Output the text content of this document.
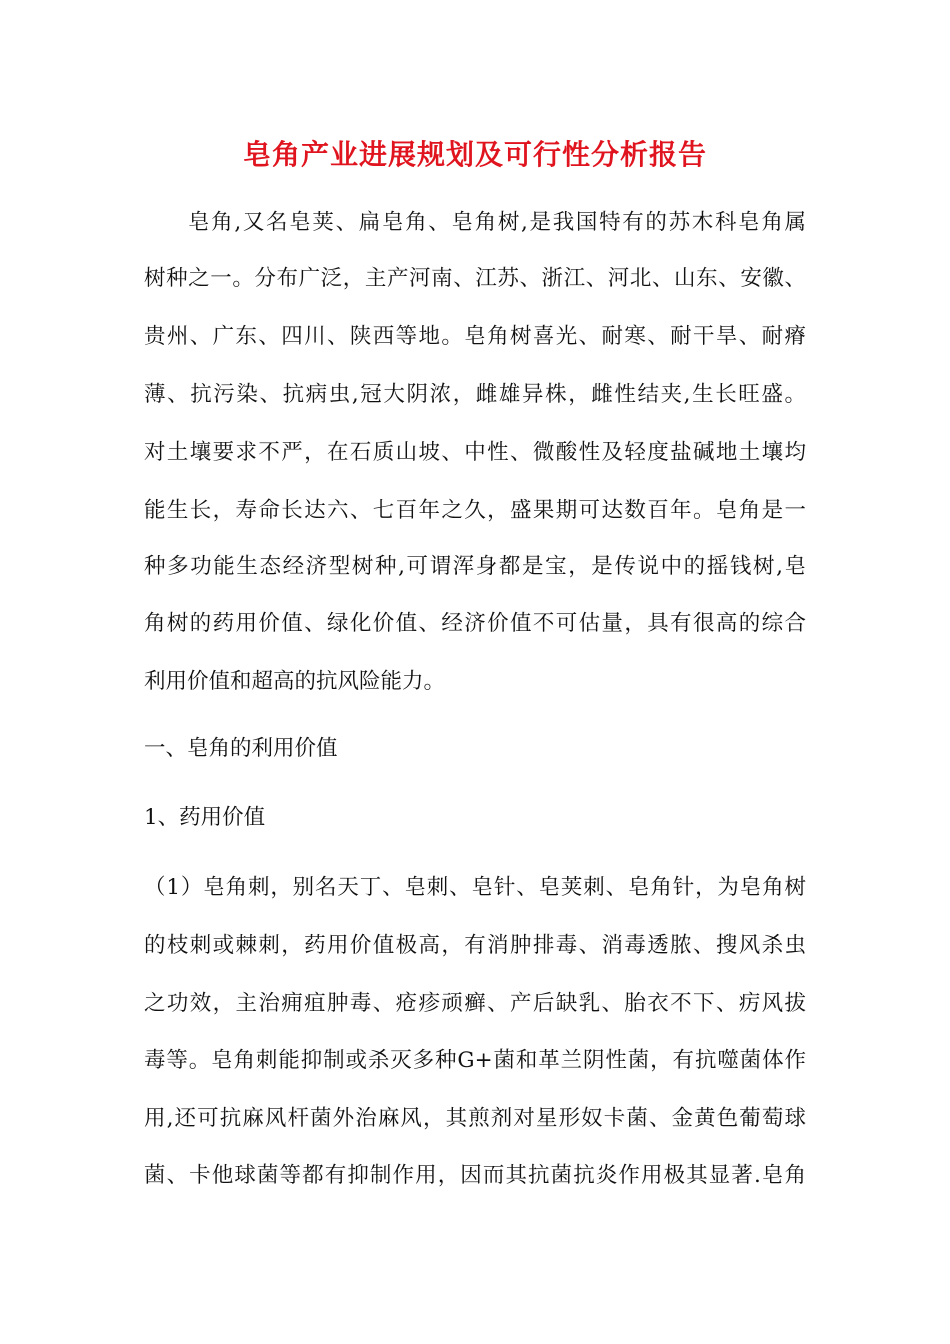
皂角产业进展规划及可行性分析报告
皂角,又名皂荚、扁皂角、皂角树,是我国特有的苏木科皂角属
树种之一。分布广泛，主产河南、江苏、浙江、河北、山东、安徽、
贵州、广东、四川、陕西等地。皂角树喜光、耐寒、耐干旱、耐瘠
薄、抗污染、抗病虫,冠大阴浓，雌雄异株，雌性结夹,生长旺盛。
对土壤要求不严，在石质山坡、中性、微酸性及轻度盐碱地土壤均
能生长，寿命长达六、七百年之久，盛果期可达数百年。皂角是一
种多功能生态经济型树种,可谓浑身都是宝，是传说中的摇钱树,皂
角树的药用价值、绿化价值、经济价值不可估量，具有很高的综合
利用价值和超高的抗风险能力。
一、皂角的利用价值
1、药用价值
（1）皂角刺，别名天丁、皂刺、皂针、皂荚刺、皂角针，为皂角树
的枝刺或棘刺，药用价值极高，有消肿排毒、消毒透脓、搜风杀虫
之功效，主治痈疽肿毒、疮疹顽癣、产后缺乳、胎衣不下、疠风拔
毒等。皂角刺能抑制或杀灭多种G+菌和革兰阴性菌，有抗噬菌体作
用,还可抗麻风杆菌外治麻风，其煎剂对星形奴卡菌、金黄色葡萄球
菌、卡他球菌等都有抑制作用，因而其抗菌抗炎作用极其显著.皂角
